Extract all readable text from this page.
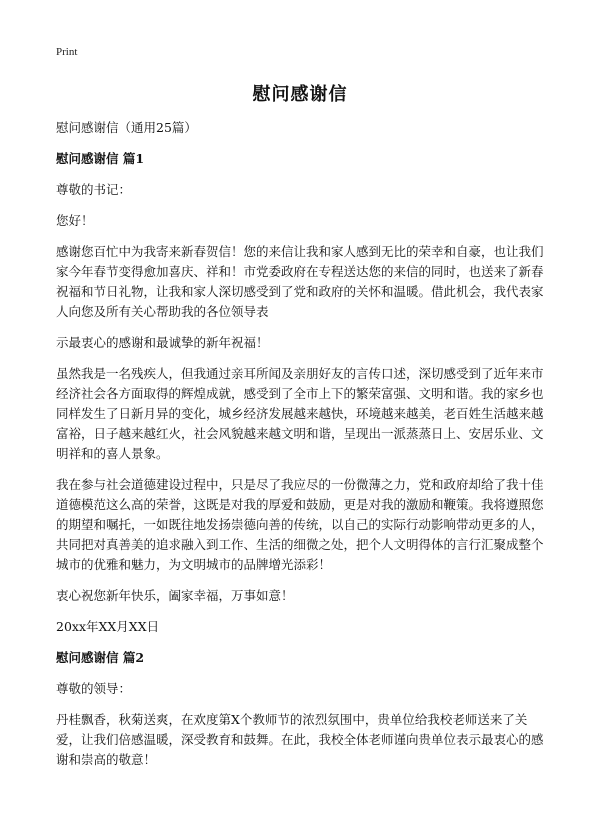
Print
慰问感谢信

慰问感谢信（通用25篇）

慰问感谢信 篇1

尊敬的书记：

您好！

感谢您百忙中为我寄来新春贺信！您的来信让我和家人感到无比的荣幸和自豪，也让我们家今年春节变得愈加喜庆、祥和！市党委政府在专程送达您的来信的同时，也送来了新春祝福和节日礼物，让我和家人深切感受到了党和政府的关怀和温暖。借此机会，我代表家人向您及所有关心帮助我的各位领导表

示最衷心的感谢和最诚挚的新年祝福！

虽然我是一名残疾人，但我通过亲耳所闻及亲朋好友的言传口述，深切感受到了近年来市经济社会各方面取得的辉煌成就，感受到了全市上下的繁荣富强、文明和谐。我的家乡也同样发生了日新月异的变化，城乡经济发展越来越快，环境越来越美，老百姓生活越来越富裕，日子越来越红火，社会风貌越来越文明和谐，呈现出一派蒸蒸日上、安居乐业、文明祥和的喜人景象。

我在参与社会道德建设过程中，只是尽了我应尽的一份微薄之力，党和政府却给了我十佳道德模范这么高的荣誉，这既是对我的厚爱和鼓励，更是对我的激励和鞭策。我将遵照您的期望和嘱托，一如既往地发扬崇德向善的传统，以自己的实际行动影响带动更多的人，共同把对真善美的追求融入到工作、生活的细微之处，把个人文明得体的言行汇聚成整个城市的优雅和魅力，为文明城市的品牌增光添彩！

衷心祝您新年快乐，阖家幸福，万事如意！

20xx年XX月XX日

慰问感谢信 篇2

尊敬的领导：

丹桂飘香，秋菊送爽，在欢度第X个教师节的浓烈氛围中，贵单位给我校老师送来了关爱，让我们倍感温暖，深受教育和鼓舞。在此，我校全体老师谨向贵单位表示最衷心的感谢和崇高的敬意！
